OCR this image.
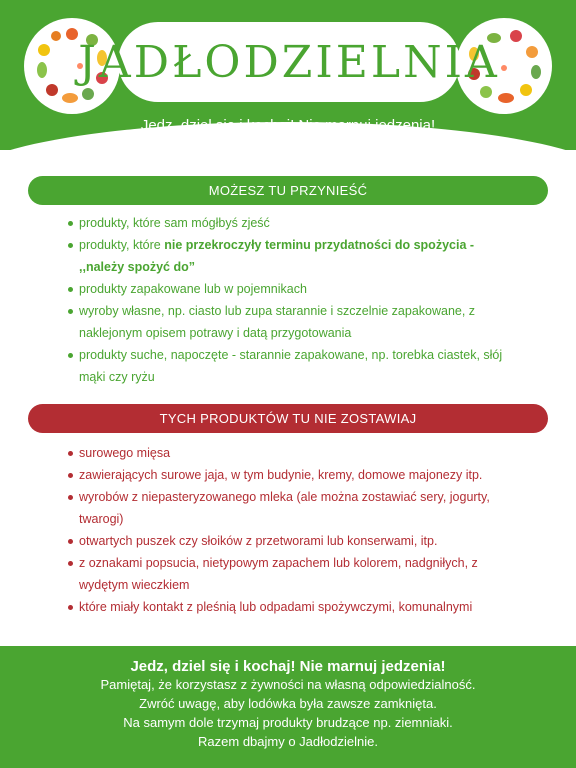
JADŁODZIELNIA
Jedz, dziel się i kochaj! Nie marnuj jedzenia!
MOŻESZ TU PRZYNIEŚĆ
produkty, które sam mógłbyś zjeść
produkty, które nie przekroczyły terminu przydatności do spożycia - ,,należy spożyć do”
produkty zapakowane lub w pojemnikach
wyroby własne, np. ciasto lub zupa starannie i szczelnie zapakowane, z naklejonym opisem potrawy i datą przygotowania
produkty suche, napoczęte - starannie zapakowane, np. torebka ciastek, słój mąki czy ryżu
TYCH PRODUKTÓW TU NIE ZOSTAWIAJ
surowego mięsa
zawierających surowe jaja, w tym budynie, kremy, domowe majonezy itp.
wyrobów z niepasteryzowanego mleka (ale można zostawiać sery, jogurty, twarogi)
otwartych puszek czy słoików z przetworami lub konserwami, itp.
z oznakami popsucia, nietypowym zapachem lub kolorem, nadgniłych, z wydętym wieczkiem
które miały kontakt z pleśnią lub odpadami spożywczymi, komunalnymi
Jedz, dziel się i kochaj! Nie marnuj jedzenia!
Pamiętaj, że korzystasz z żywności na własną odpowiedzialność.
Zwróć uwagę, aby lodówka była zawsze zamknięta.
Na samym dole trzymaj produkty brudzące np. ziemniaki.
Razem dbajmy o Jadłodzielnie.
